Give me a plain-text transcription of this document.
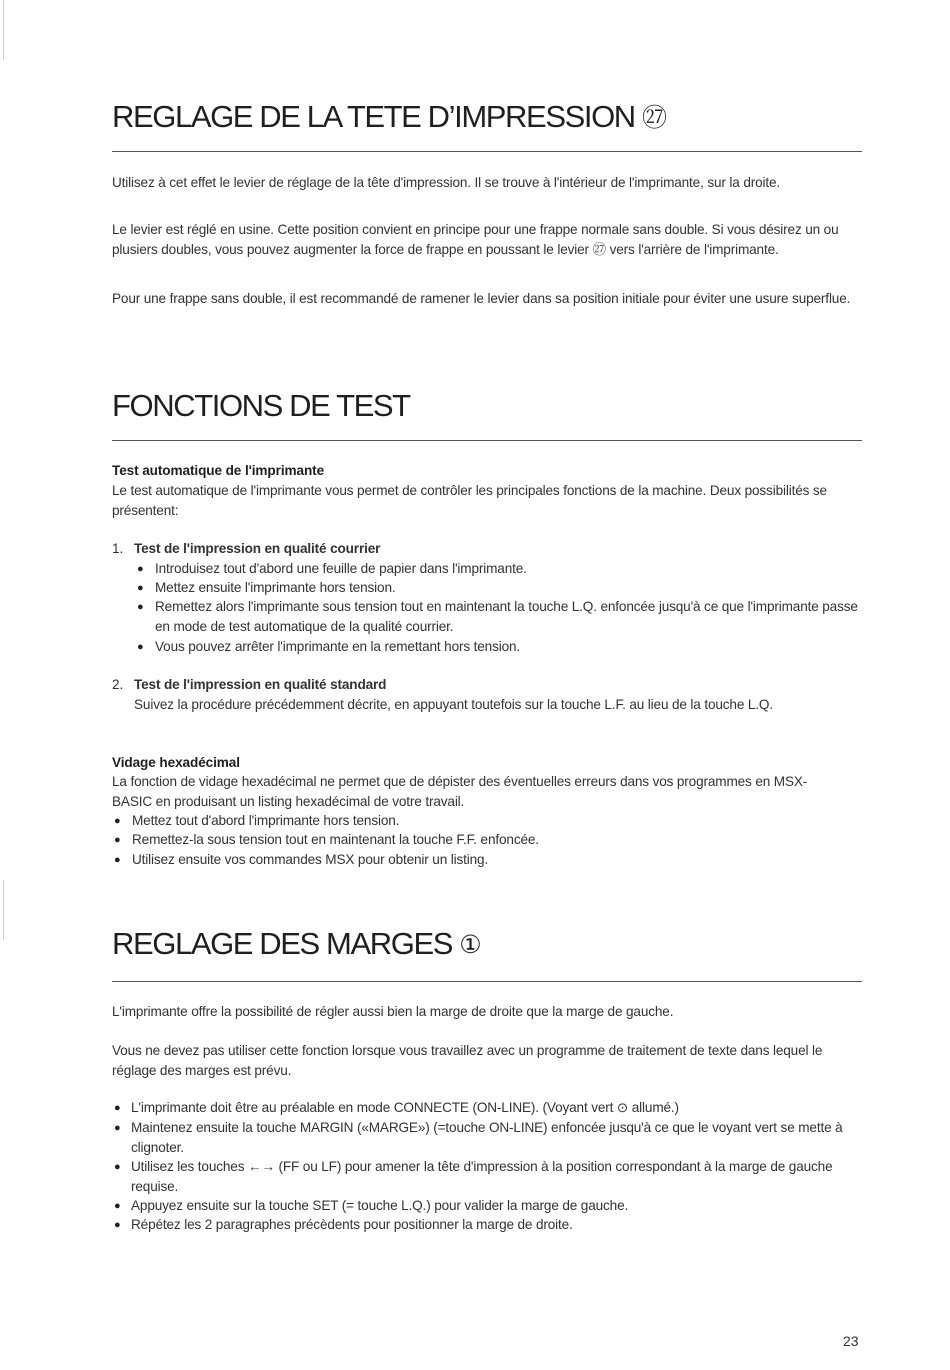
REGLAGE DE LA TETE D’IMPRESSION ㉗

Utilisez à cet effet le levier de réglage de la tête d'impression. Il se trouve à l'intérieur de l'imprimante, sur la droite.

Le levier est réglé en usine. Cette position convient en principe pour une frappe normale sans double. Si vous désirez un ou plusiers doubles, vous pouvez augmenter la force de frappe en poussant le levier ㉗ vers l'arrière de l'imprimante.

Pour une frappe sans double, il est recommandé de ramener le levier dans sa position initiale pour éviter une usure superflue.

FONCTIONS DE TEST
Test automatique de l'imprimante

Le test automatique de l'imprimante vous permet de contrôler les principales fonctions de la machine. Deux possibilités se présentent:

1. Test de l'impression en qualité courrier
● Introduisez tout d'abord une feuille de papier dans l'imprimante.
● Mettez ensuite l'imprimante hors tension.
● Remettez alors l'imprimante sous tension tout en maintenant la touche L.Q. enfoncée jusqu'à ce que l'imprimante passe en mode de test automatique de la qualité courrier.
● Vous pouvez arrêter l'imprimante en la remettant hors tension.
2. Test de l'impression en qualité standard
Suivez la procédure précédemment décrite, en appuyant toutefois sur la touche L.F. au lieu de la touche L.Q.
Vidage hexadécimal

La fonction de vidage hexadécimal ne permet que de dépister des éventuelles erreurs dans vos programmes en MSX-BASIC en produisant un listing hexadécimal de votre travail.

● Mettez tout d'abord l'imprimante hors tension.
● Remettez-la sous tension tout en maintenant la touche F.F. enfoncée.
● Utilisez ensuite vos commandes MSX pour obtenir un listing.
REGLAGE DES MARGES ①

L'imprimante offre la possibilité de régler aussi bien la marge de droite que la marge de gauche.

Vous ne devez pas utiliser cette fonction lorsque vous travaillez avec un programme de traitement de texte dans lequel le réglage des marges est prévu.

● L'imprimante doit être au préalable en mode CONNECTE (ON-LINE). (Voyant vert ⊙ allumé.)
● Maintenez ensuite la touche MARGIN («MARGE») (=touche ON-LINE) enfoncée jusqu'à ce que le voyant vert se mette à clignoter.
● Utilisez les touches ←→ (FF ou LF) pour amener la tête d'impression à la position correspondant à la marge de gauche requise.
● Appuyez ensuite sur la touche SET (= touche L.Q.) pour valider la marge de gauche.
● Répétez les 2 paragraphes précèdents pour positionner la marge de droite.
23
